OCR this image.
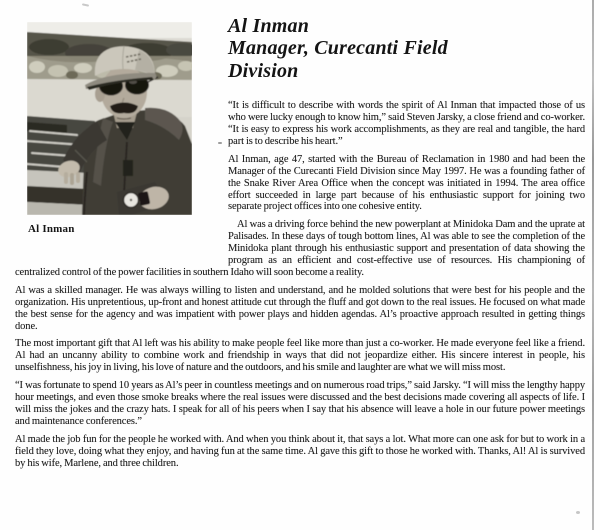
Al Inman
Al Inman
Manager, Curecanti Field
Division

“It is difficult to describe with words the spirit of Al Inman that impacted those of us who were lucky enough to know him,” said Steven Jarsky, a close friend and co-worker. “It is easy to express his work accomplishments, as they are real and tangible, the hard part is to describe his heart.”

Al Inman, age 47, started with the Bureau of Reclamation in 1980 and had been the Manager of the Curecanti Field Division since May 1997. He was a founding father of the Snake River Area Office when the concept was initiated in 1994. The area office effort succeeded in large part because of his enthusiastic support for joining two separate project offices into one cohesive entity.

Al was a driving force behind the new powerplant at Minidoka Dam and the uprate at Palisades. In these days of tough bottom lines, Al was able to see the completion of the Minidoka plant through his enthusiastic support and presentation of data showing the program as an efficient and cost-effective use of resources. His championing of centralized control of the power facilities in southern Idaho will soon become a reality.

Al was a skilled manager. He was always willing to listen and understand, and he molded solutions that were best for his people and the organization. His unpretentious, up-front and honest attitude cut through the fluff and got down to the real issues. He focused on what made the best sense for the agency and was impatient with power plays and hidden agendas. Al’s proactive approach resulted in getting things done.

The most important gift that Al left was his ability to make people feel like more than just a co-worker. He made everyone feel like a friend. Al had an uncanny ability to combine work and friendship in ways that did not jeopardize either. His sincere interest in people, his unselfishness, his joy in living, his love of nature and the outdoors, and his smile and laughter are what we will miss most.

“I was fortunate to spend 10 years as Al’s peer in countless meetings and on numerous road trips,” said Jarsky. “I will miss the lengthy happy hour meetings, and even those smoke breaks where the real issues were discussed and the best decisions made covering all aspects of life. I will miss the jokes and the crazy hats. I speak for all of his peers when I say that his absence will leave a hole in our future power meetings and maintenance conferences.”

Al made the job fun for the people he worked with. And when you think about it, that says a lot. What more can one ask for but to work in a field they love, doing what they enjoy, and having fun at the same time. Al gave this gift to those he worked with. Thanks, Al! Al is survived by his wife, Marlene, and three children.
